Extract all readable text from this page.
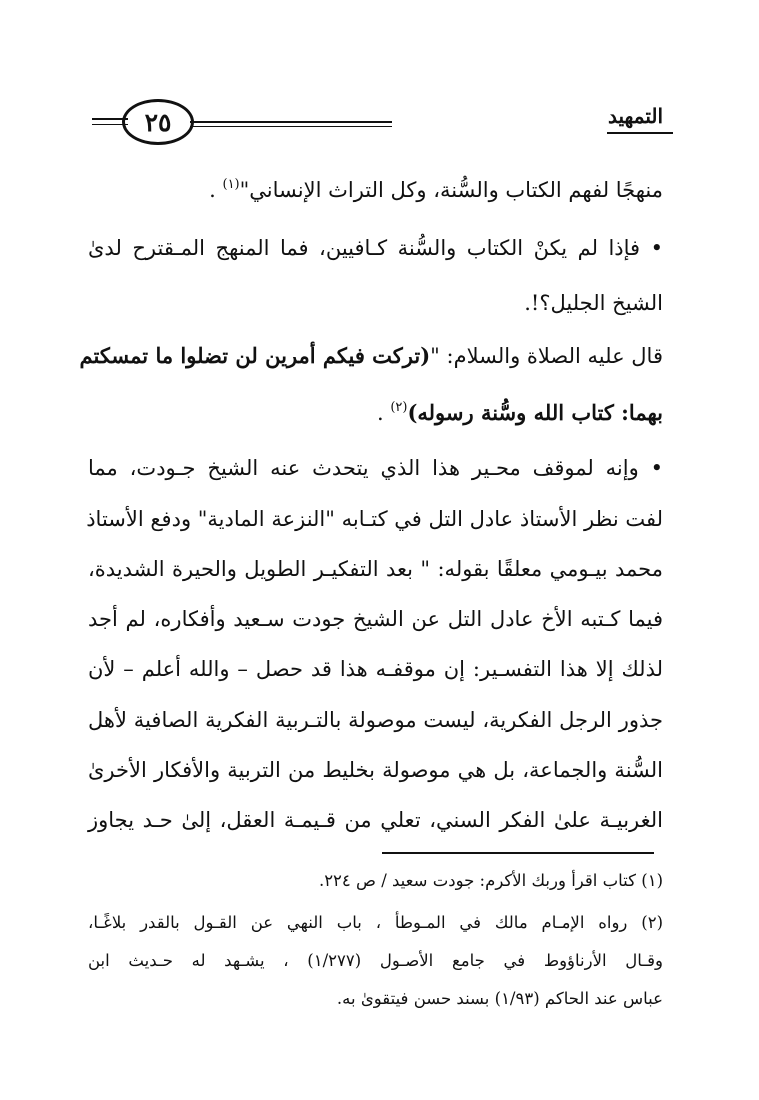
٢٥	التمهيد
منهجًا لفهم الكتاب والسُّنة، وكل التراث الإنساني"$^{(١)}$ .
• فإذا لم يكنْ الكتاب والسُّنة كـافيين، فما المنهج المـقترح لدىٰ
الشيخ الجليل؟!.
قال عليه الصلاة والسلام: "(تركت فيكم أمرين لن تضلوا ما تمسكتم
بهما: كتاب الله وسُّنة رسوله)$^{(٢)}$ .
• وإنه لموقف محـير هذا الذي يتحدث عنه الشيخ جـودت، مما
لفت نظر الأستاذ عادل التل في كتـابه "النزعة المادية" ودفع الأستاذ
محمد بيـومي معلقًا بقوله: " بعد التفكيـر الطويل والحيرة الشديدة،
فيما كـتبه الأخ عادل التل عن الشيخ جودت سـعيد وأفكاره، لم أجد
لذلك إلا هذا التفسـير: إن موقفـه هذا قد حصل – والله أعلم – لأن
جذور الرجل الفكرية، ليست موصولة بالتـربية الفكرية الصافية لأهل
السُّنة والجماعة، بل هي موصولة بخليط من التربية والأفكار الأخرىٰ
الغربيـة علىٰ الفكر السني، تعلي من قـيمـة العقل، إلىٰ حـد يجاوز
(١) كتاب اقرأ وربك الأكرم: جودت سعيد / ص ٢٢٤.
(٢) رواه الإمـام مالك في المـوطأ ، باب النهي عن القـول بالقدر بلاغًـا،
وقـال الأرناؤوط في جامع الأصـول (١/٢٧٧) ، يشـهد له حـديث ابن
عباس عند الحاكم (١/٩٣) بسند حسن فيتقوىٰ به.
